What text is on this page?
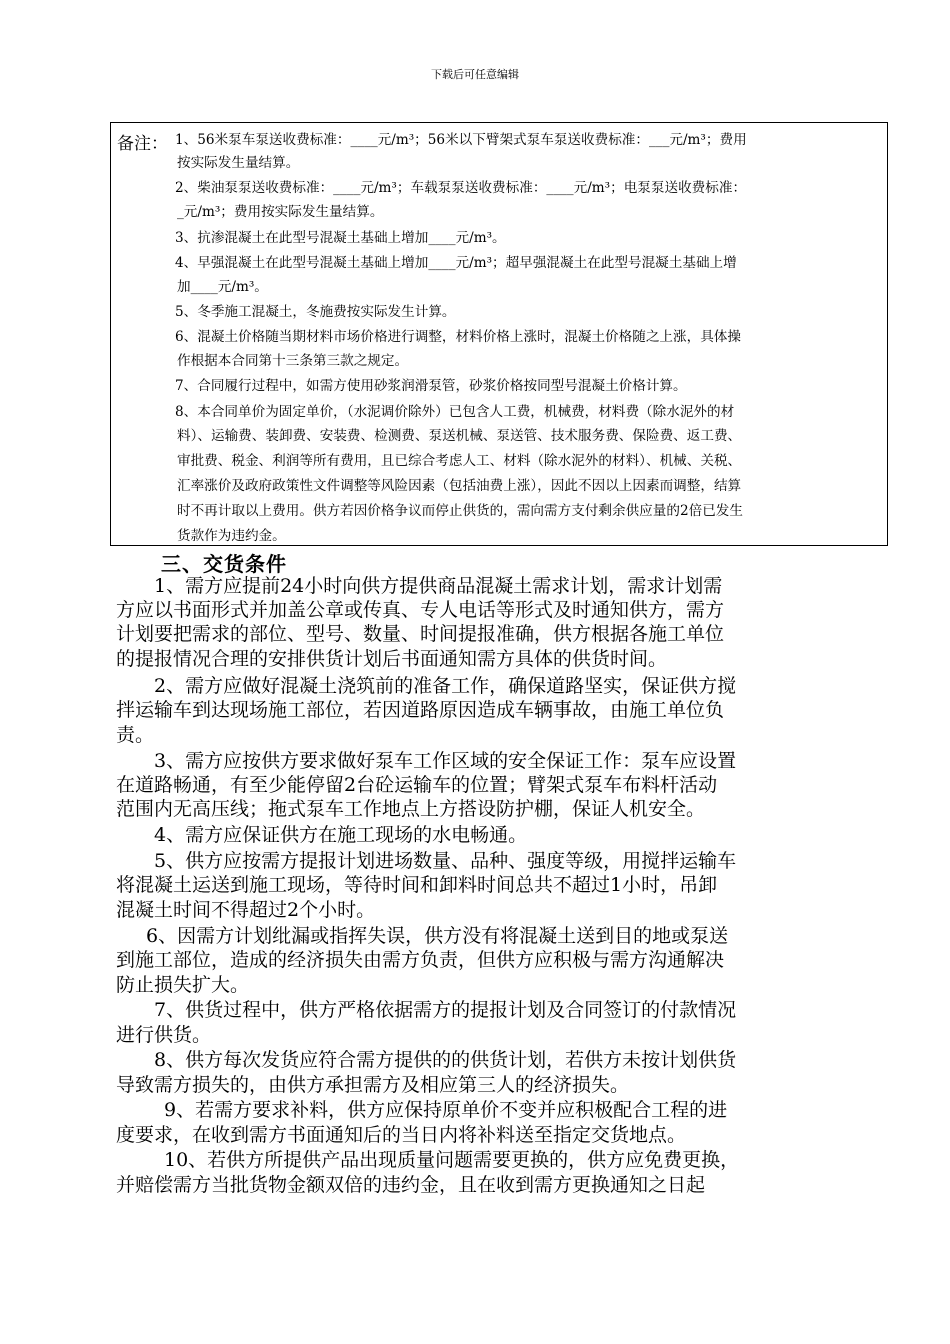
下载后可任意编辑
备注： 1、56米泵车泵送收费标准：____元/m³；56米以下臂架式泵车泵送收费标准：___元/m³；费用
按实际发生量结算。
2、柴油泵泵送收费标准：____元/m³；车载泵泵送收费标准：____元/m³；电泵泵送收费标准：
_元/m³；费用按实际发生量结算。
3、抗渗混凝土在此型号混凝土基础上增加____元/m³。
4、早强混凝土在此型号混凝土基础上增加____元/m³；超早强混凝土在此型号混凝土基础上增
加____元/m³。
5、冬季施工混凝土，冬施费按实际发生计算。
6、混凝土价格随当期材料市场价格进行调整，材料价格上涨时，混凝土价格随之上涨，具体操
作根据本合同第十三条第三款之规定。
7、合同履行过程中，如需方使用砂浆润滑泵管，砂浆价格按同型号混凝土价格计算。
8、本合同单价为固定单价，（水泥调价除外）已包含人工费，机械费，材料费（除水泥外的材
料）、运输费、装卸费、安装费、检测费、泵送机械、泵送管、技术服务费、保险费、返工费、
审批费、税金、利润等所有费用，且已综合考虑人工、材料（除水泥外的材料）、机械、关税、
汇率涨价及政府政策性文件调整等风险因素（包括油费上涨），因此不因以上因素而调整，结算
时不再计取以上费用。供方若因价格争议而停止供货的，需向需方支付剩余供应量的2倍已发生
货款作为违约金。
三、交货条件
1、需方应提前24小时向供方提供商品混凝土需求计划，需求计划需
方应以书面形式并加盖公章或传真、专人电话等形式及时通知供方，需方
计划要把需求的部位、型号、数量、时间提报准确，供方根据各施工单位
的提报情况合理的安排供货计划后书面通知需方具体的供货时间。
2、需方应做好混凝土浇筑前的准备工作，确保道路坚实，保证供方搅
拌运输车到达现场施工部位，若因道路原因造成车辆事故，由施工单位负
责。
3、需方应按供方要求做好泵车工作区域的安全保证工作：泵车应设置
在道路畅通，有至少能停留2台砼运输车的位置；臂架式泵车布料杆活动
范围内无高压线；拖式泵车工作地点上方搭设防护棚，保证人机安全。
4、需方应保证供方在施工现场的水电畅通。
5、供方应按需方提报计划进场数量、品种、强度等级，用搅拌运输车
将混凝土运送到施工现场，等待时间和卸料时间总共不超过1小时，吊卸
混凝土时间不得超过2个小时。
6、因需方计划纰漏或指挥失误，供方没有将混凝土送到目的地或泵送
到施工部位，造成的经济损失由需方负责，但供方应积极与需方沟通解决
防止损失扩大。
7、供货过程中，供方严格依据需方的提报计划及合同签订的付款情况
进行供货。
8、供方每次发货应符合需方提供的的供货计划，若供方未按计划供货
导致需方损失的，由供方承担需方及相应第三人的经济损失。
9、若需方要求补料，供方应保持原单价不变并应积极配合工程的进
度要求，在收到需方书面通知后的当日内将补料送至指定交货地点。
10、若供方所提供产品出现质量问题需要更换的，供方应免费更换，
并赔偿需方当批货物金额双倍的违约金，且在收到需方更换通知之日起
